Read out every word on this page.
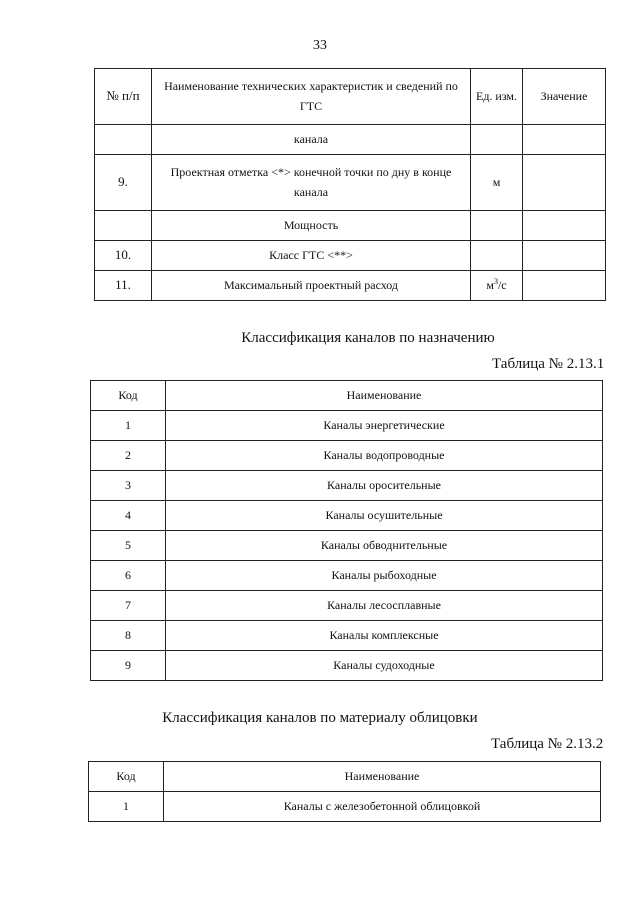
33
№ п/п	Наименование технических характеристик и сведений по ГТС	Ед. изм.	Значение
	канала		
9.	Проектная отметка <*> конечной точки по дну в конце канала	м	
	Мощность		
10.	Класс ГТС <**>		
11.	Максимальный проектный расход	$м^3/с$	
Классификация каналов по назначению
Таблица № 2.13.1
Код	Наименование
1	Каналы энергетические
2	Каналы водопроводные
3	Каналы оросительные
4	Каналы осушительные
5	Каналы обводнительные
6	Каналы рыбоходные
7	Каналы лесосплавные
8	Каналы комплексные
9	Каналы судоходные
Классификация каналов по материалу облицовки
Таблица № 2.13.2
Код	Наименование
1	Каналы с железобетонной облицовкой
